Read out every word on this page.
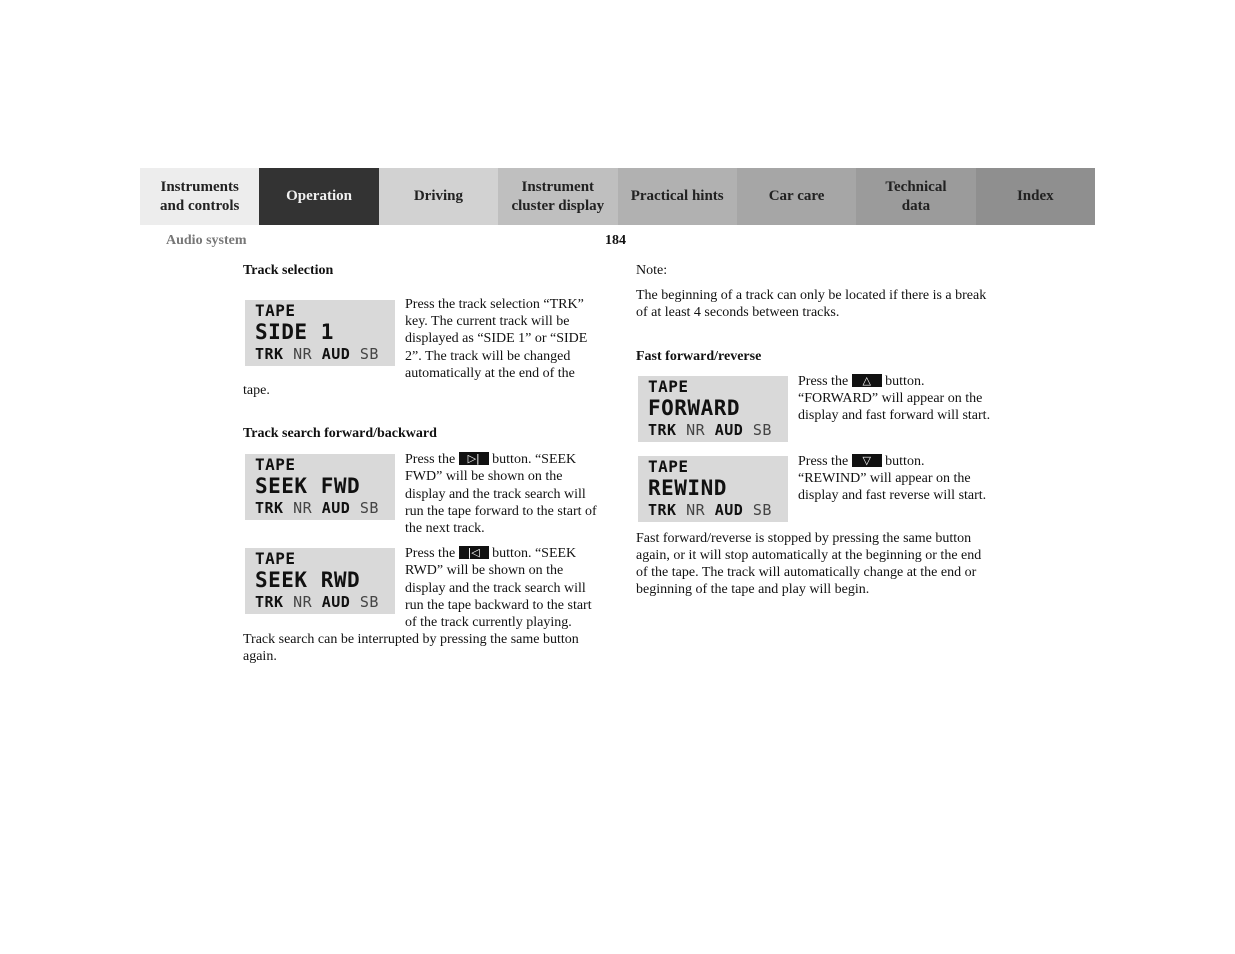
Instruments
and controls
Operation	Driving
Instrument
cluster display
Practical hints	Car care
Technical
data
Index
Audio system	184
Track selection
TAPE
SIDE 1
TRK NR AUD SB

Press the track selection “TRK” key. The current track will be displayed as “SIDE 1” or “SIDE 2”. The track will be changed automatically at the end of the tape.

Track search forward/backward
TAPE
SEEK FWD
TRK NR AUD SB

Press the ▷| button. “SEEK FWD” will be shown on the display and the track search will run the tape forward to the start of the next track.

TAPE
SEEK RWD
TRK NR AUD SB

Press the |◁ button. “SEEK RWD” will be shown on the display and the track search will run the tape backward to the start of the track currently playing. Track search can be interrupted by pressing the same button again.

Note:

The beginning of a track can only be located if there is a break of at least 4 seconds between tracks.

Fast forward/reverse
TAPE
FORWARD
TRK NR AUD SB

Press the △ button. “FORWARD” will appear on the display and fast forward will start.

TAPE
REWIND
TRK NR AUD SB

Press the ▽ button. “REWIND” will appear on the display and fast reverse will start.

Fast forward/reverse is stopped by pressing the same button again, or it will stop automatically at the beginning or the end of the tape. The track will automatically change at the end or beginning of the tape and play will begin.
